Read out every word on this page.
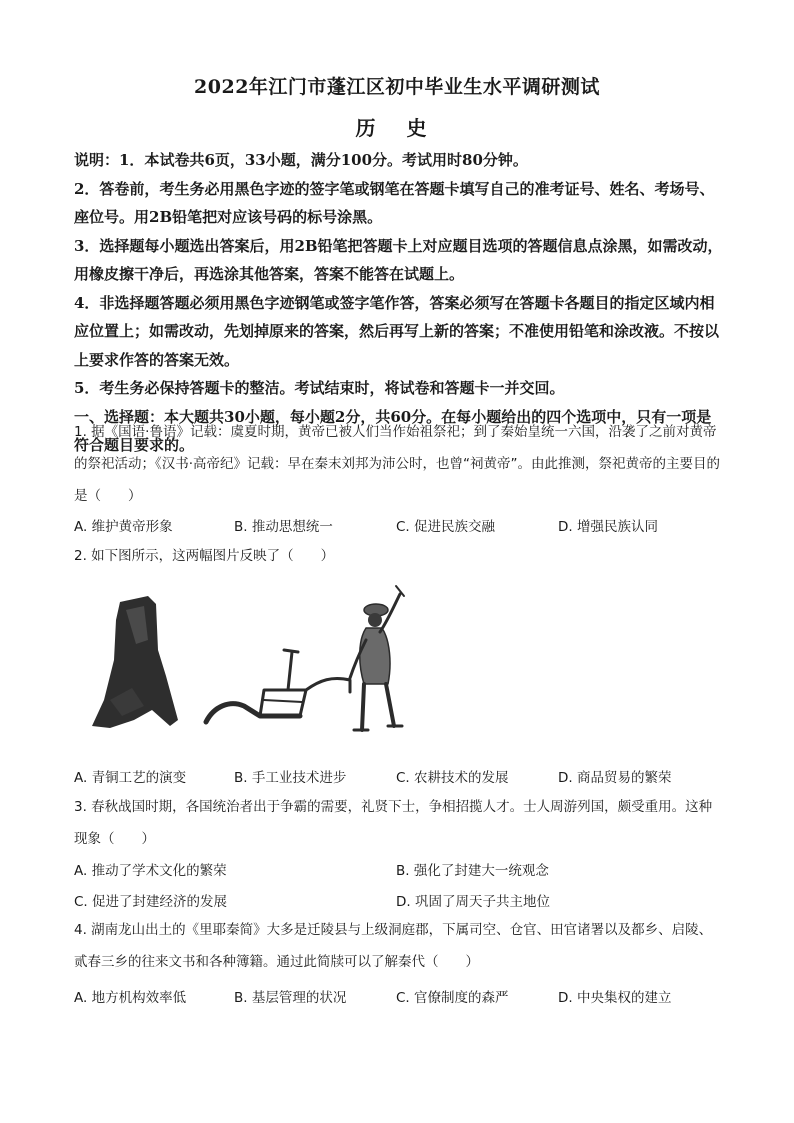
2022年江门市蓬江区初中毕业生水平调研测试
历 史

说明：1．本试卷共6页，33小题，满分100分。考试用时80分钟。

2．答卷前，考生务必用黑色字迹的签字笔或钢笔在答题卡填写自己的准考证号、姓名、考场号、座位号。用2B铅笔把对应该号码的标号涂黑。

3．选择题每小题选出答案后，用2B铅笔把答题卡上对应题目选项的答题信息点涂黑，如需改动，用橡皮擦干净后，再选涂其他答案，答案不能答在试题上。

4．非选择题答题必须用黑色字迹钢笔或签字笔作答，答案必须写在答题卡各题目的指定区域内相应位置上；如需改动，先划掉原来的答案，然后再写上新的答案；不准使用铅笔和涂改液。不按以上要求作答的答案无效。

5．考生务必保持答题卡的整洁。考试结束时，将试卷和答题卡一并交回。

一、选择题：本大题共30小题，每小题2分，共60分。在每小题给出的四个选项中，只有一项是符合题目要求的。

1. 据《国语·鲁语》记载：虞夏时期，黄帝已被人们当作始祖祭祀；到了秦始皇统一六国，沿袭了之前对黄帝的祭祀活动；《汉书·高帝纪》记载：早在秦末刘邦为沛公时，也曾“祠黄帝”。由此推测，祭祀黄帝的主要目的是（　　）

A. 维护黄帝形象	B. 推动思想统一	C. 促进民族交融	D. 增强民族认同

2. 如下图所示，这两幅图片反映了（　　）

A. 青铜工艺的演变	B. 手工业技术进步	C. 农耕技术的发展	D. 商品贸易的繁荣

3. 春秋战国时期，各国统治者出于争霸的需要，礼贤下士，争相招揽人才。士人周游列国，颇受重用。这种现象（　　）

A. 推动了学术文化的繁荣	B. 强化了封建大一统观念
C. 促进了封建经济的发展	D. 巩固了周天子共主地位

4. 湖南龙山出土的《里耶秦简》大多是迁陵县与上级洞庭郡，下属司空、仓官、田官诸署以及都乡、启陵、贰春三乡的往来文书和各种簿籍。通过此简牍可以了解秦代（　　）

A. 地方机构效率低	B. 基层管理的状况	C. 官僚制度的森严	D. 中央集权的建立
